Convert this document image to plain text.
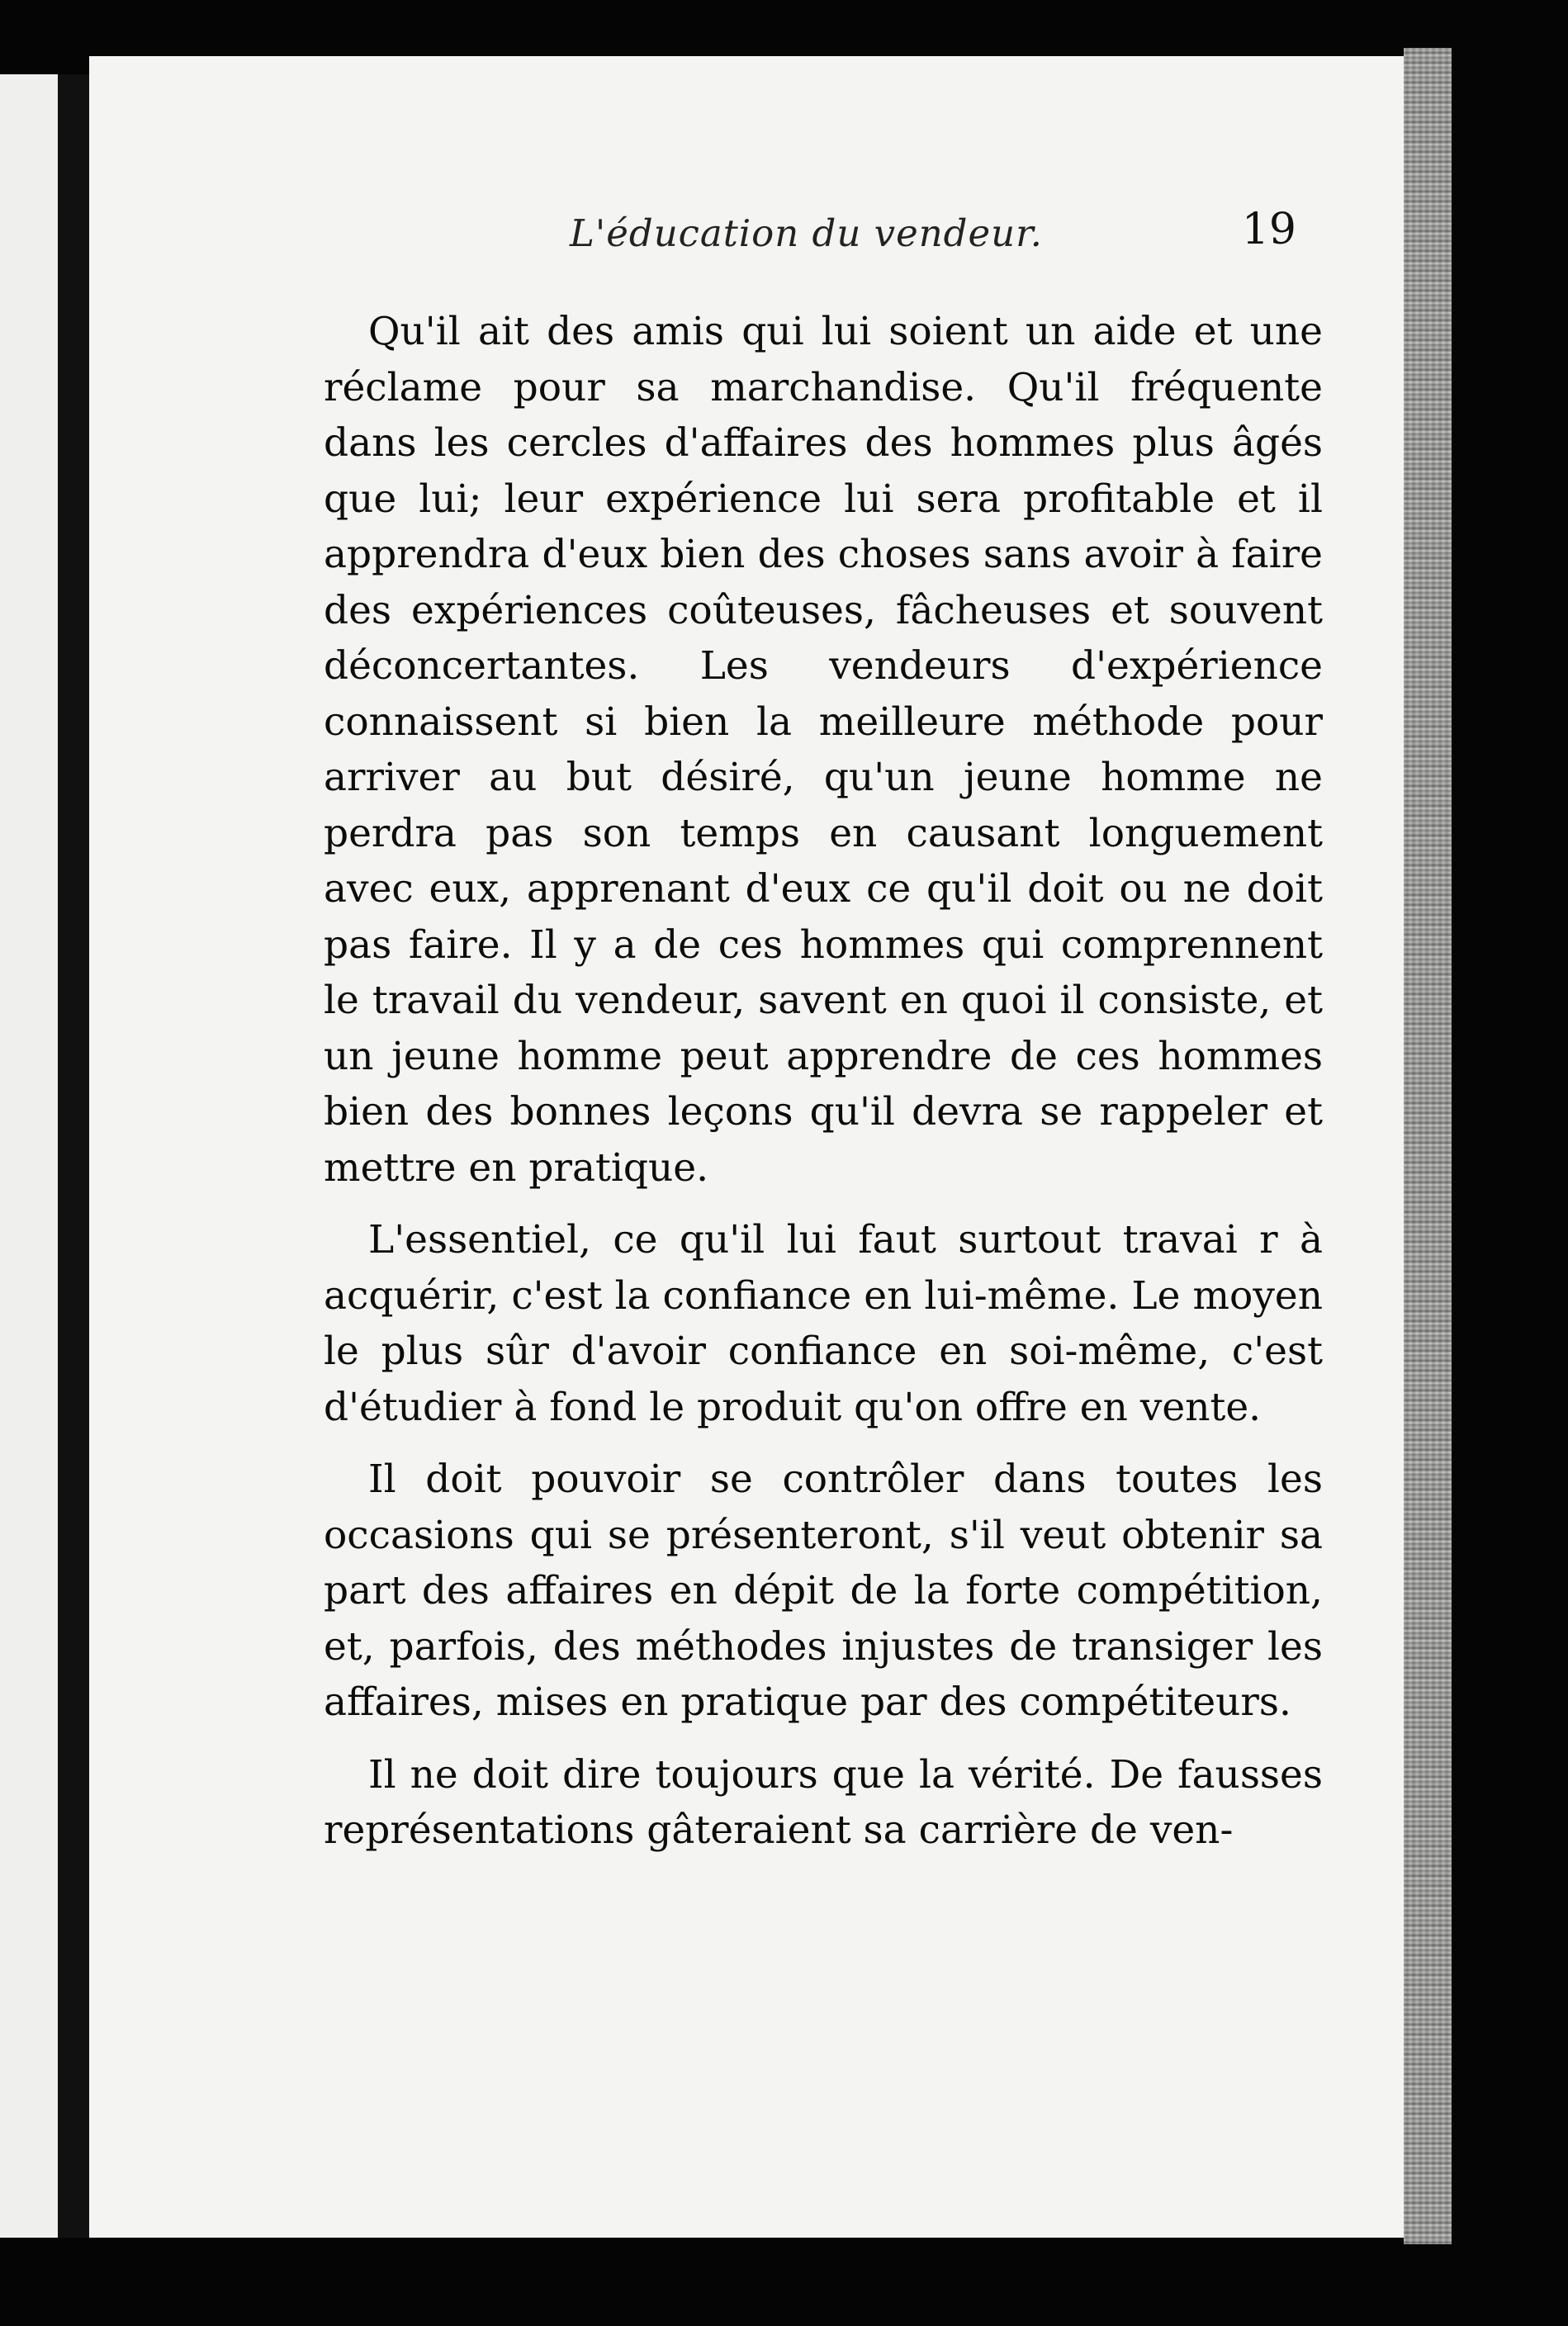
L'éducation du vendeur.	19

Qu'il ait des amis qui lui soient un aide et une réclame pour sa marchandise. Qu'il fréquente dans les cercles d'affaires des hommes plus âgés que lui; leur expérience lui sera profitable et il apprendra d'eux bien des choses sans avoir à faire des expériences coûteuses, fâcheuses et souvent déconcertantes. Les vendeurs d'expérience connaissent si bien la meilleure méthode pour arriver au but désiré, qu'un jeune homme ne perdra pas son temps en causant longuement avec eux, apprenant d'eux ce qu'il doit ou ne doit pas faire. Il y a de ces hommes qui comprennent le travail du vendeur, savent en quoi il consiste, et un jeune homme peut apprendre de ces hommes bien des bonnes leçons qu'il devra se rappeler et mettre en pratique.

L'essentiel, ce qu'il lui faut surtout travai r à acquérir, c'est la confiance en lui-même. Le moyen le plus sûr d'avoir confiance en soi-même, c'est d'étudier à fond le produit qu'on offre en vente.

Il doit pouvoir se contrôler dans toutes les occasions qui se présenteront, s'il veut obtenir sa part des affaires en dépit de la forte compétition, et, parfois, des méthodes injustes de transiger les affaires, mises en pratique par des compétiteurs.

Il ne doit dire toujours que la vérité. De fausses représentations gâteraient sa carrière de ven-
